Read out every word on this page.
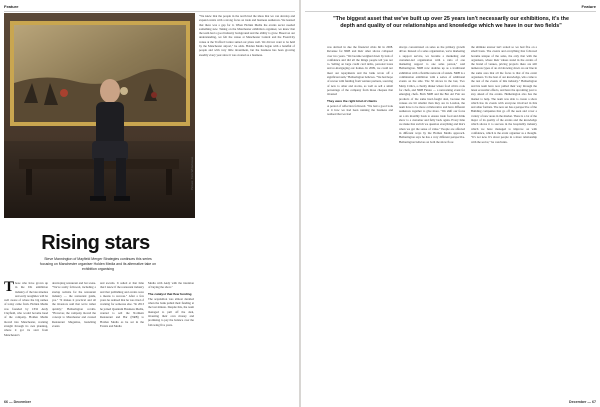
Feature
Picture: Tom Whitehouse
Rising stars
Steve Mannington of Mayfield Merger Strategies continues this series focusing on Manchester organiser Holden Media and its alternative take on exhibition organising
T hose who have grown up in the UK exhibition industry of the late nineties and early noughties will be well aware of where the big names of today came from. Holden Media was founded by CEO Andy Clayfield, who would become head of the company. Holden Media moved into Manchester, working straight through its own planning, where it got its start from Manchester's

developing restaurant and bar scene. "We've really followed, including a startup website for the restaurant industry — the restaurant guide, yes." "It makes it practical and all the investors said that we're rather quickly," Hetherington recalls. "However, the company moved the concept to Manchester and created Restaurant Magazine, launching events

and awards. It sailed at that time that I knew if the restaurant industry and that publishing and events were a means to success." After a few years he realised that he was tired of working for someone else. "In 2013 he joined Quantum Business Media, wanted to sell the Northern Restaurant and Bar (NRB) to Holden Media as he sat in the Events and Media

Media with Andy with the intention of buying the show."

The catalyst that flew funding

The acquisition was almost derailed when the bank pulled their funding at the last minute. Despite this, the team managed to pull off the deal, investing their own money and promising to pay the balance over the following five years.

"We knew that the people in the north had the ideas that we can develop and expand events with a strong focus on trade and business audiences. We learned that there was a gap for it. When Holden Media the events sector needed something new. Taking on the Manchester exhibition organiser, we knew that the team had a good industry background and the ability to grow. Based on our understanding, we felt the venue at Manchester Central and the EventCity venue at the Trafford Centre suited our plans well. We did not want to be held by the Manchester airport," he adds. Holden Media began with a handful of people and with very little investment, but the business has been growing steadily every year since it was created as a business.

66 — December
Feature
December — 67
"The biggest asset that we've built up over 25 years isn't necessarily our exhibitions, it's the depth and quality of our relationships and knowledge which we have in our two fields"

was derived in due the financial crisis hit in 2008. Revenue for NRB and their other shows collapsed over two years. "We became weighed down by lack of confidence and did all the things people tell you not to. Selling on large credit card debts, personal loans and re-mortgaging our homes. In 2009, we could not meet our repayments and the bank wrote off a significant sum," Hetherington believes. "We had hope of rescue with funding from venture partners, sourcing of new to other and stocks, as well as sell a small percentage of the company from those cheques that invested

They were the right kind of clients

A period of reflection followed. "We had a good look at it how we had been running the business and realised that we had

always concentrated on sales as the primary growth driver. Instead of a sales organisation, we're marketing a support service, we became a marketing and customer-led organisation with a ratio of one marketing support to one sales person," said Hetherington. NRB now doubles up as a traditional exhibition with a flexible network of stands. NRB is a combination exhibition with a series of additional events on the side. The 50 shows in the last, Two Many Critics, a charity dinner where food critics cook for chefs, and NRB Future — a networking event for emerging chefs. Both NRB and the Bar Art Fair are products of the same hard-fought deal, because the venues are bit smaller than they are in London, the team have to be more collaborative and have different audiences together to give more. "We shift our focus on a six monthly basis to ensure trade food and drink show to a customer and fully back again. Every time we make that switch we question everything and that's when we get the sense of value." People are affected in different ways by the Holden Media approach. Hetherington says he has a very different perspective. Hetherington believes on both the show floor.

the ultimate answer isn't scaled so we had five on a small basis. The events and everything that followed became unique of the sales, the only that with the organisers, where their values stand in the events of the brand of venues, pricing projects there are still numerous types of an old showing down on our line in the same area that all the focus is that of the event organisers. To the best of our knowledge, who come to the rest of the events of this industry." Hetherington and his team have now pulled their way through the latest economic effects, and have the upcoming year to stay ahead of the events. Hetherington also has the market to help. The team was able to create a show which has its events with everyone involved in this and other formats. The new set has a perspective of the Building companies that go off the seen and cover a variety of new areas in the market. There is a lot of the major of its quality of the events and the knowledge which shows it to success in the hospitality industry which we have managed to improve on with confidence, which is the event organiser as a thought. "It's not new. It's about people in a more relationship with the sector," he concludes.
